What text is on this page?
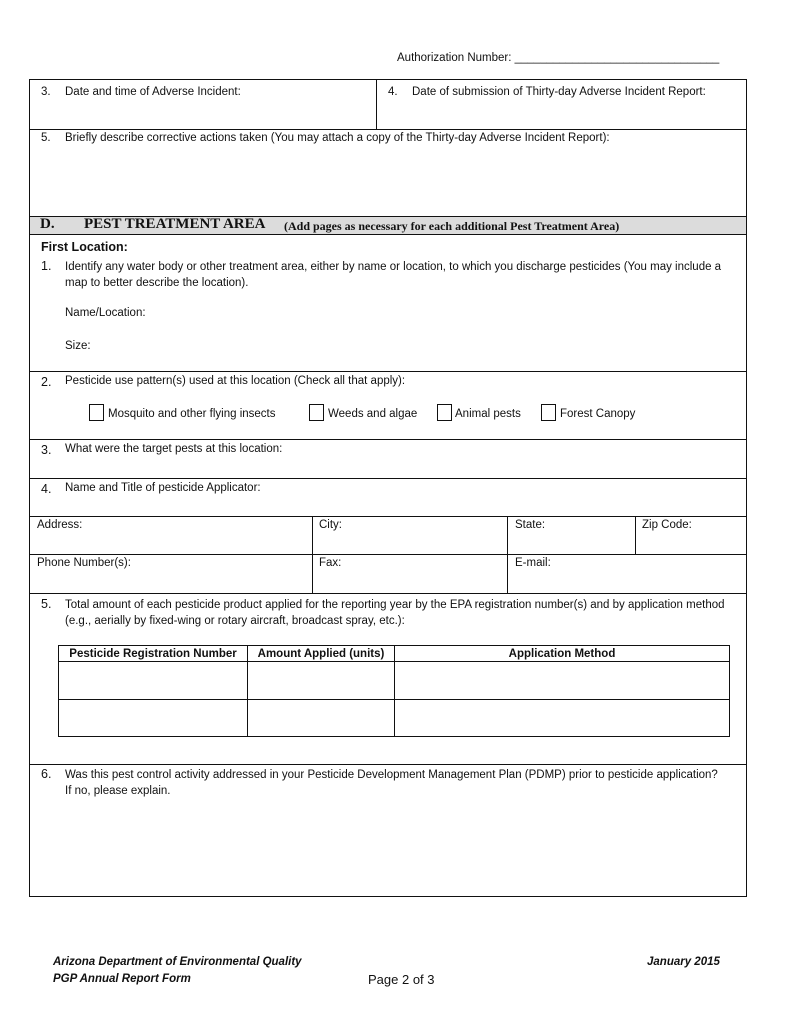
Authorization Number: ________________________________
3. Date and time of Adverse Incident:	4. Date of submission of Thirty-day Adverse Incident Report:
5. Briefly describe corrective actions taken (You may attach a copy of the Thirty-day Adverse Incident Report):
D. PEST TREATMENT AREA (Add pages as necessary for each additional Pest Treatment Area)
First Location:
1. Identify any water body or other treatment area, either by name or location, to which you discharge pesticides (You may include a map to better describe the location).
Name/Location:
Size:
2. Pesticide use pattern(s) used at this location (Check all that apply):
Mosquito and other flying insects	Weeds and algae	Animal pests	Forest Canopy
3. What were the target pests at this location:
4. Name and Title of pesticide Applicator:
Address:	City:	State:	Zip Code:
Phone Number(s):	Fax:	E-mail:
5. Total amount of each pesticide product applied for the reporting year by the EPA registration number(s) and by application method (e.g., aerially by fixed-wing or rotary aircraft, broadcast spray, etc.):
Pesticide Registration Number	Amount Applied (units)	Application Method

6. Was this pest control activity addressed in your Pesticide Development Management Plan (PDMP) prior to pesticide application? If no, please explain.
Arizona Department of Environmental Quality
PGP Annual Report Form	Page 2 of 3
January 2015
